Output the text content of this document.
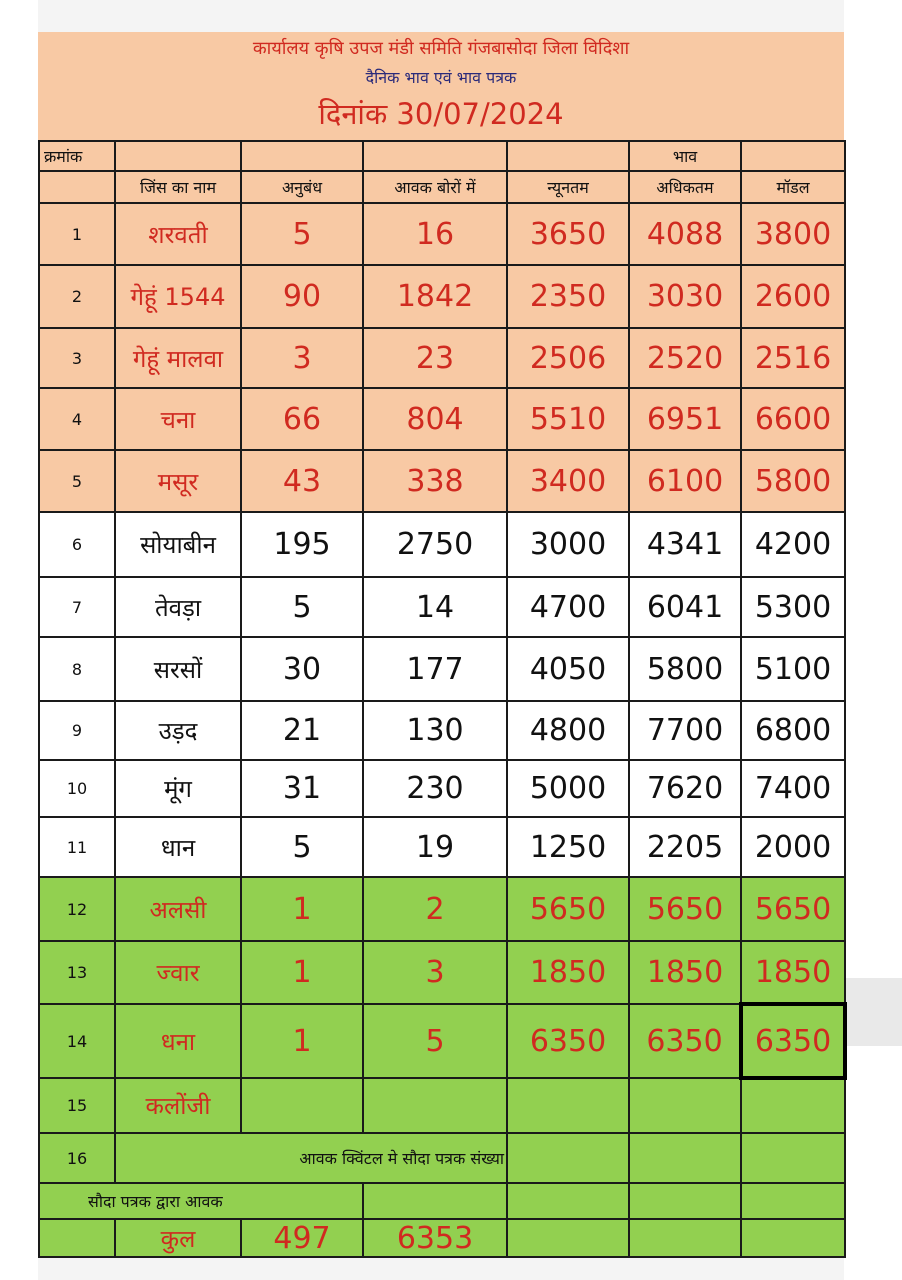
कार्यालय कृषि उपज मंडी समिति गंजबासोदा जिला विदिशा
दैनिक भाव एवं भाव पत्रक
दिनांक 30/07/2024
क्रमांक					भाव	
	जिंस का नाम	अनुबंध	आवक बोरों में	न्यूनतम	अधिकतम	मॉडल
1	शरवती	5	16	3650	4088	3800
2	गेहूं 1544	90	1842	2350	3030	2600
3	गेहूं मालवा	3	23	2506	2520	2516
4	चना	66	804	5510	6951	6600
5	मसूर	43	338	3400	6100	5800
6	सोयाबीन	195	2750	3000	4341	4200
7	तेवड़ा	5	14	4700	6041	5300
8	सरसों	30	177	4050	5800	5100
9	उड़द	21	130	4800	7700	6800
10	मूंग	31	230	5000	7620	7400
11	धान	5	19	1250	2205	2000
12	अलसी	1	2	5650	5650	5650
13	ज्वार	1	3	1850	1850	1850
14	धना	1	5	6350	6350	6350
15	कलोंजी					
16	आवक क्विंटल मे सौदा पत्रक संख्या					
सौदा पत्रक द्वारा आवक						
	कुल	497	6353			
